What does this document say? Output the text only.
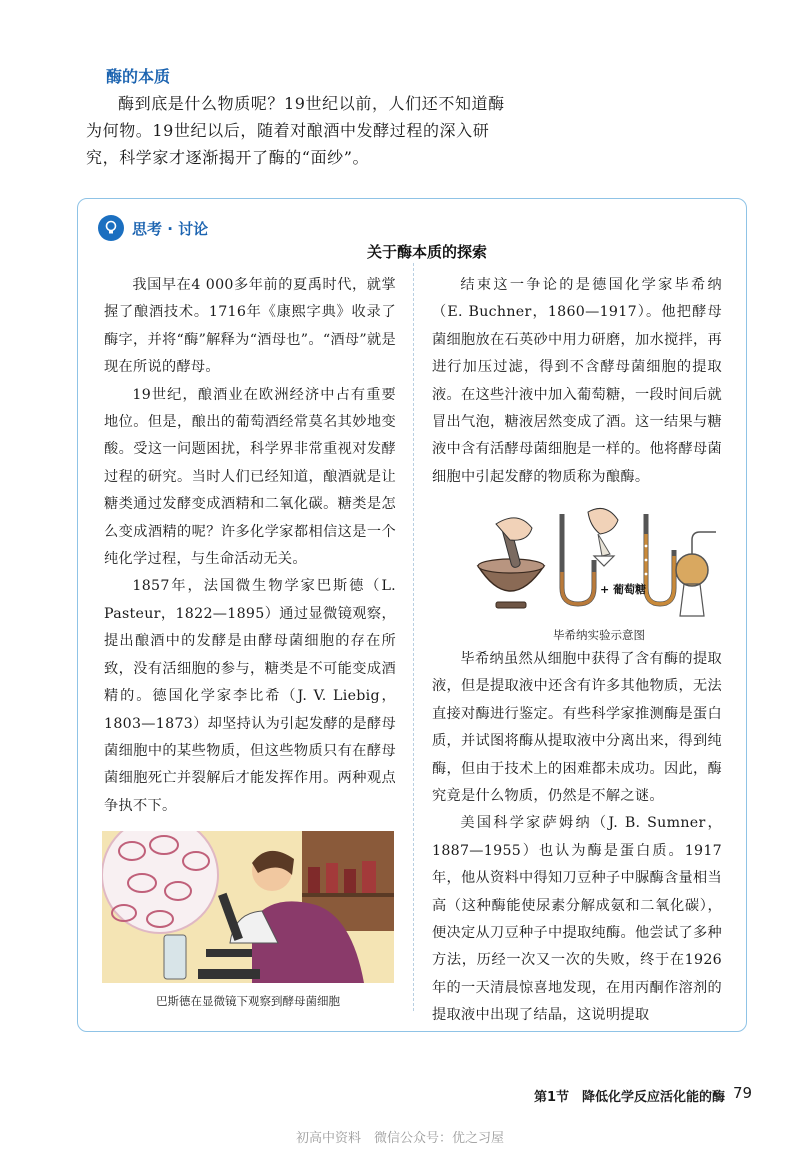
酶的本质

酶到底是什么物质呢？19世纪以前，人们还不知道酶为何物。19世纪以后，随着对酿酒中发酵过程的深入研究，科学家才逐渐揭开了酶的“面纱”。

思考 · 讨论
关于酶本质的探索

我国早在4 000多年前的夏禹时代，就掌握了酿酒技术。1716年《康熙字典》收录了酶字，并将“酶”解释为“酒母也”。“酒母”就是现在所说的酵母。

19世纪，酿酒业在欧洲经济中占有重要地位。但是，酿出的葡萄酒经常莫名其妙地变酸。受这一问题困扰，科学界非常重视对发酵过程的研究。当时人们已经知道，酿酒就是让糖类通过发酵变成酒精和二氧化碳。糖类是怎么变成酒精的呢？许多化学家都相信这是一个纯化学过程，与生命活动无关。

1857年，法国微生物学家巴斯德（L. Pasteur，1822—1895）通过显微镜观察，提出酿酒中的发酵是由酵母菌细胞的存在所致，没有活细胞的参与，糖类是不可能变成酒精的。德国化学家李比希（J. V. Liebig，1803—1873）却坚持认为引起发酵的是酵母菌细胞中的某些物质，但这些物质只有在酵母菌细胞死亡并裂解后才能发挥作用。两种观点争执不下。

结束这一争论的是德国化学家毕希纳（E. Buchner，1860—1917）。他把酵母菌细胞放在石英砂中用力研磨，加水搅拌，再进行加压过滤，得到不含酵母菌细胞的提取液。在这些汁液中加入葡萄糖，一段时间后就冒出气泡，糖液居然变成了酒。这一结果与糖液中含有活酵母菌细胞是一样的。他将酵母菌细胞中引起发酵的物质称为酿酶。

+ 葡萄糖
毕希纳实验示意图

毕希纳虽然从细胞中获得了含有酶的提取液，但是提取液中还含有许多其他物质，无法直接对酶进行鉴定。有些科学家推测酶是蛋白质，并试图将酶从提取液中分离出来，得到纯酶，但由于技术上的困难都未成功。因此，酶究竟是什么物质，仍然是不解之谜。

美国科学家萨姆纳（J. B. Sumner，1887—1955）也认为酶是蛋白质。1917年，他从资料中得知刀豆种子中脲酶含量相当高（这种酶能使尿素分解成氨和二氧化碳），便决定从刀豆种子中提取纯酶。他尝试了多种方法，历经一次又一次的失败，终于在1926年的一天清晨惊喜地发现，在用丙酮作溶剂的提取液中出现了结晶，这说明提取

巴斯德在显微镜下观察到酵母菌细胞
第1节　降低化学反应活化能的酶 79
初高中资料　微信公众号：优之习屋
